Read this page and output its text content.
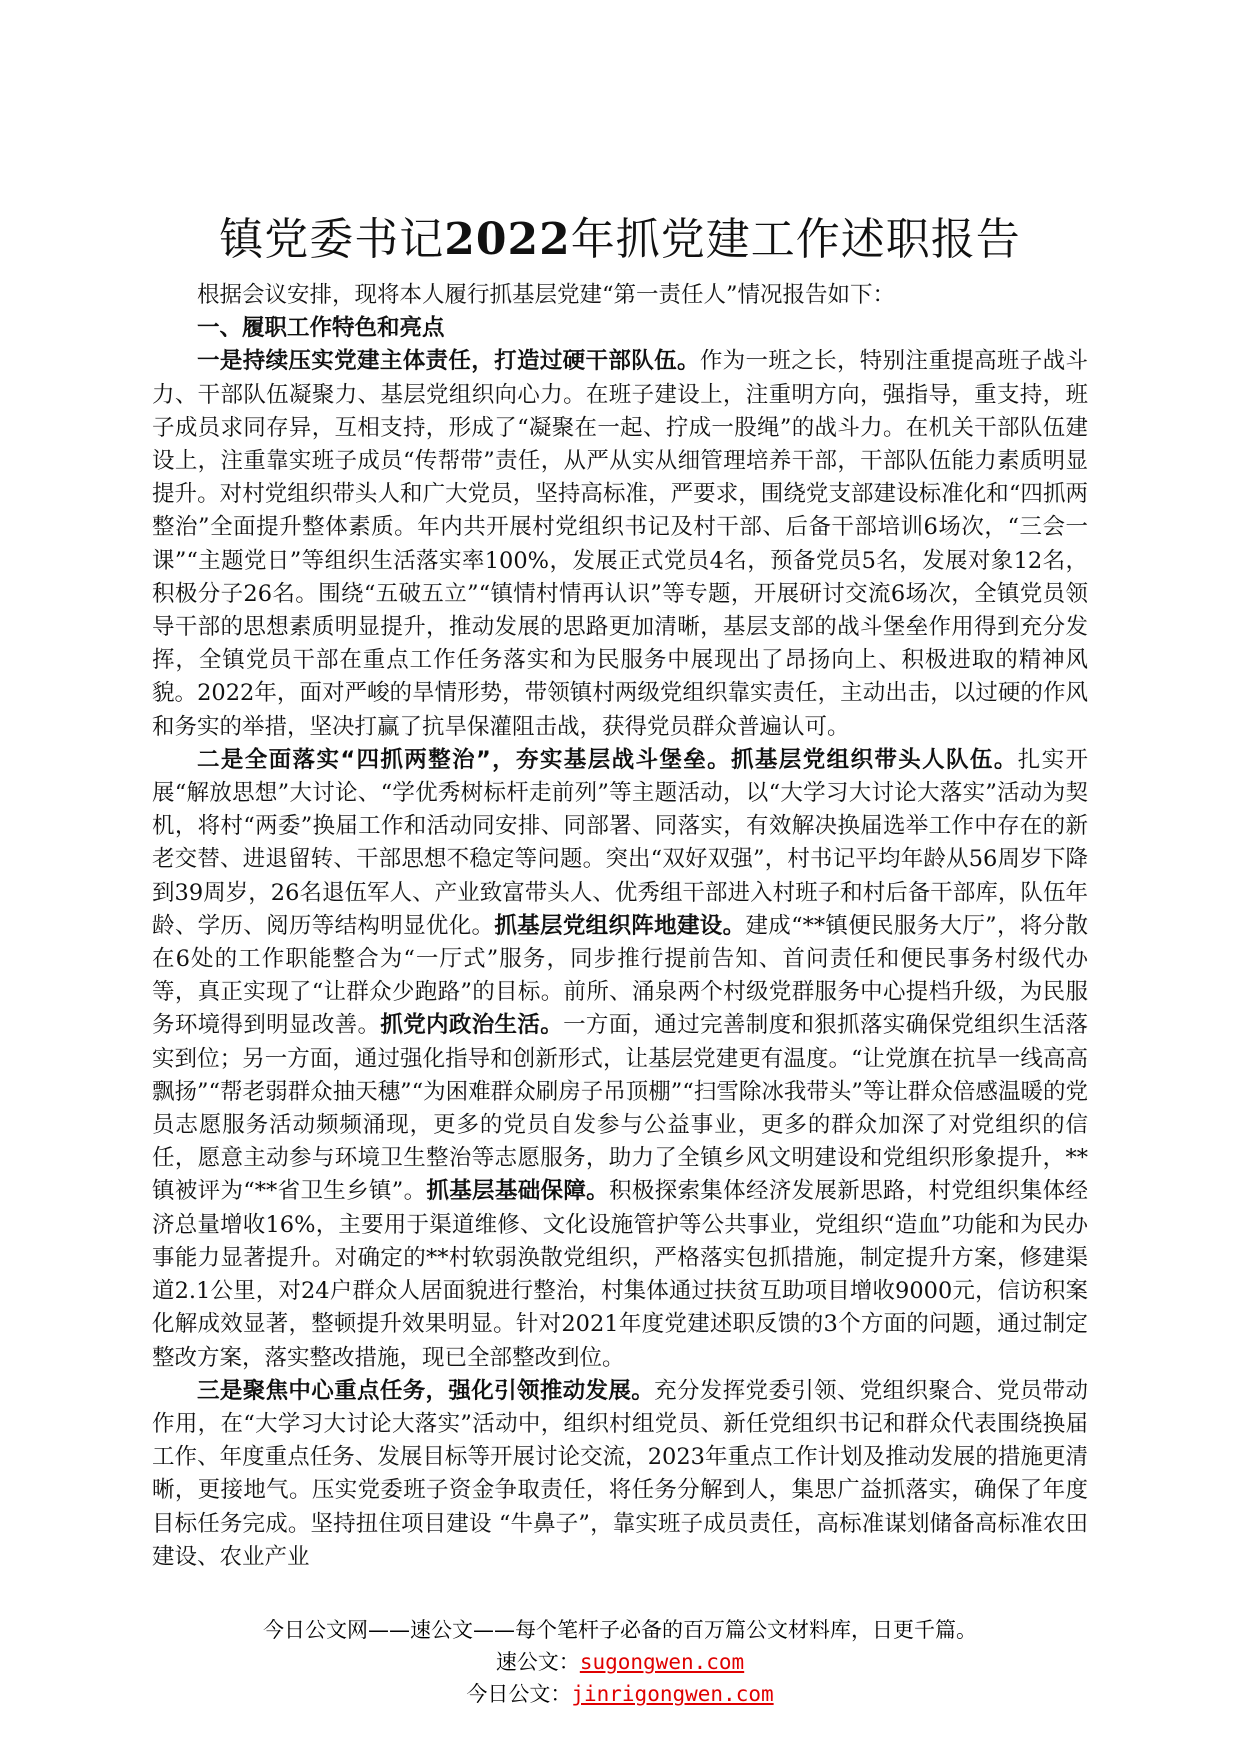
镇党委书记2022年抓党建工作述职报告

根据会议安排，现将本人履行抓基层党建“第一责任人”情况报告如下：

一、履职工作特色和亮点

一是持续压实党建主体责任，打造过硬干部队伍。作为一班之长，特别注重提高班子战斗力、干部队伍凝聚力、基层党组织向心力。在班子建设上，注重明方向，强指导，重支持，班子成员求同存异，互相支持，形成了“凝聚在一起、拧成一股绳”的战斗力。在机关干部队伍建设上，注重靠实班子成员“传帮带”责任，从严从实从细管理培养干部，干部队伍能力素质明显提升。对村党组织带头人和广大党员，坚持高标准，严要求，围绕党支部建设标准化和“四抓两整治”全面提升整体素质。年内共开展村党组织书记及村干部、后备干部培训6场次，“三会一课”“主题党日”等组织生活落实率100%，发展正式党员4名，预备党员5名，发展对象12名，积极分子26名。围绕“五破五立”“镇情村情再认识”等专题，开展研讨交流6场次，全镇党员领导干部的思想素质明显提升，推动发展的思路更加清晰，基层支部的战斗堡垒作用得到充分发挥，全镇党员干部在重点工作任务落实和为民服务中展现出了昂扬向上、积极进取的精神风貌。2022年，面对严峻的旱情形势，带领镇村两级党组织靠实责任，主动出击，以过硬的作风和务实的举措，坚决打赢了抗旱保灌阻击战，获得党员群众普遍认可。

二是全面落实“四抓两整治”，夯实基层战斗堡垒。抓基层党组织带头人队伍。扎实开展“解放思想”大讨论、“学优秀树标杆走前列”等主题活动，以“大学习大讨论大落实”活动为契机，将村“两委”换届工作和活动同安排、同部署、同落实，有效解决换届选举工作中存在的新老交替、进退留转、干部思想不稳定等问题。突出“双好双强”，村书记平均年龄从56周岁下降到39周岁，26名退伍军人、产业致富带头人、优秀组干部进入村班子和村后备干部库，队伍年龄、学历、阅历等结构明显优化。抓基层党组织阵地建设。建成“**镇便民服务大厅”，将分散在6处的工作职能整合为“一厅式”服务，同步推行提前告知、首问责任和便民事务村级代办等，真正实现了“让群众少跑路”的目标。前所、涌泉两个村级党群服务中心提档升级，为民服务环境得到明显改善。抓党内政治生活。一方面，通过完善制度和狠抓落实确保党组织生活落实到位；另一方面，通过强化指导和创新形式，让基层党建更有温度。“让党旗在抗旱一线高高飘扬”“帮老弱群众抽天穗”“为困难群众刷房子吊顶棚”“扫雪除冰我带头”等让群众倍感温暖的党员志愿服务活动频频涌现，更多的党员自发参与公益事业，更多的群众加深了对党组织的信任，愿意主动参与环境卫生整治等志愿服务，助力了全镇乡风文明建设和党组织形象提升，**镇被评为“**省卫生乡镇”。抓基层基础保障。积极探索集体经济发展新思路，村党组织集体经济总量增收16%，主要用于渠道维修、文化设施管护等公共事业，党组织“造血”功能和为民办事能力显著提升。对确定的**村软弱涣散党组织，严格落实包抓措施，制定提升方案，修建渠道2.1公里，对24户群众人居面貌进行整治，村集体通过扶贫互助项目增收9000元，信访积案化解成效显著，整顿提升效果明显。针对2021年度党建述职反馈的3个方面的问题，通过制定整改方案，落实整改措施，现已全部整改到位。

三是聚焦中心重点任务，强化引领推动发展。充分发挥党委引领、党组织聚合、党员带动作用，在“大学习大讨论大落实”活动中，组织村组党员、新任党组织书记和群众代表围绕换届工作、年度重点任务、发展目标等开展讨论交流，2023年重点工作计划及推动发展的措施更清晰，更接地气。压实党委班子资金争取责任，将任务分解到人，集思广益抓落实，确保了年度目标任务完成。坚持扭住项目建设 “牛鼻子”，靠实班子成员责任，高标准谋划储备高标准农田建设、农业产业

今日公文网——速公文——每个笔杆子必备的百万篇公文材料库，日更千篇。
速公文：sugongwen.com
今日公文：jinrigongwen.com
